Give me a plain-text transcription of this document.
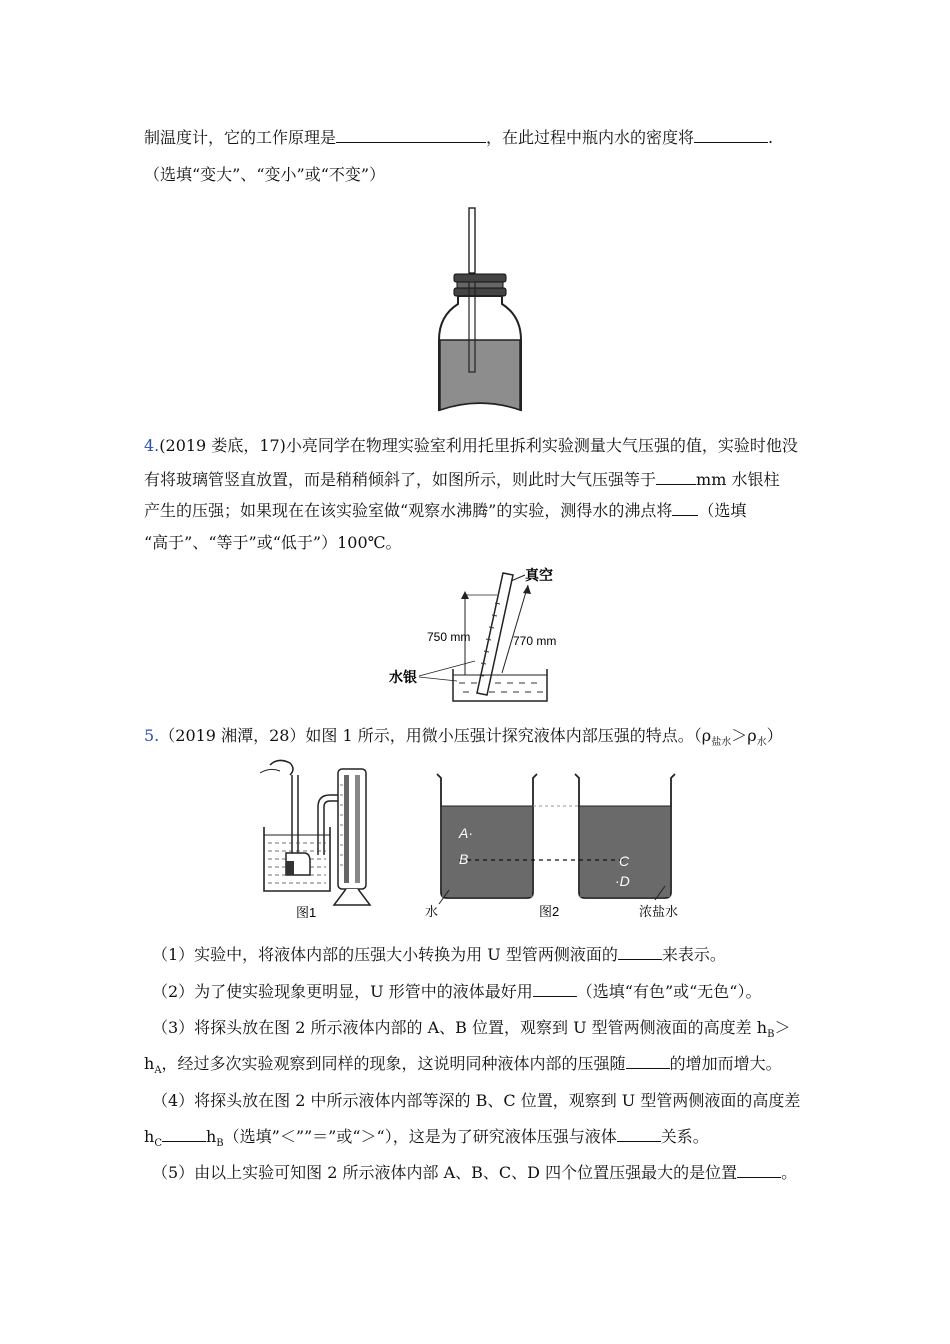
制温度计，它的工作原理是	，在此过程中瓶内水的密度将	.
（选填“变大”、“变小”或“不变”）
4.(2019 娄底，17)小亮同学在物理实验室利用托里拆利实验测量大气压强的值，实验时他没
有将玻璃管竖直放置，而是稍稍倾斜了，如图所示，则此时大气压强等于	mm 水银柱
产生的压强；如果现在在该实验室做“观察水沸腾”的实验，测得水的沸点将 （选填
“高于”、“等于”或“低于”）100℃。
真空
750 mm	770 mm
水银
5.（2019 湘潭，28）如图 1 所示，用微小压强计探究液体内部压强的特点。$(\rho_{盐水}>\rho_水)$
图1
A·
B	C
·D
水	图2	浓盐水
（1）实验中，将液体内部的压强大小转换为用 U 型管两侧液面的	来表示。
（2）为了使实验现象更明显，U 形管中的液体最好用	（选填“有色”或“无色“）。
（3）将探头放在图 2 所示液体内部的 A、B 位置，观察到 U 型管两侧液面的高度差 $h_B>$
$h_A$，经过多次实验观察到同样的现象，这说明同种液体内部的压强随	的增加而增大。
（4）将探头放在图 2 中所示液体内部等深的 B、C 位置，观察到 U 型管两侧液面的高度差
$h_C$	$h_B$（选填”＜””＝”或“＞“），这是为了研究液体压强与液体	关系。
（5）由以上实验可知图 2 所示液体内部 A、B、C、D 四个位置压强最大的是位置	。
